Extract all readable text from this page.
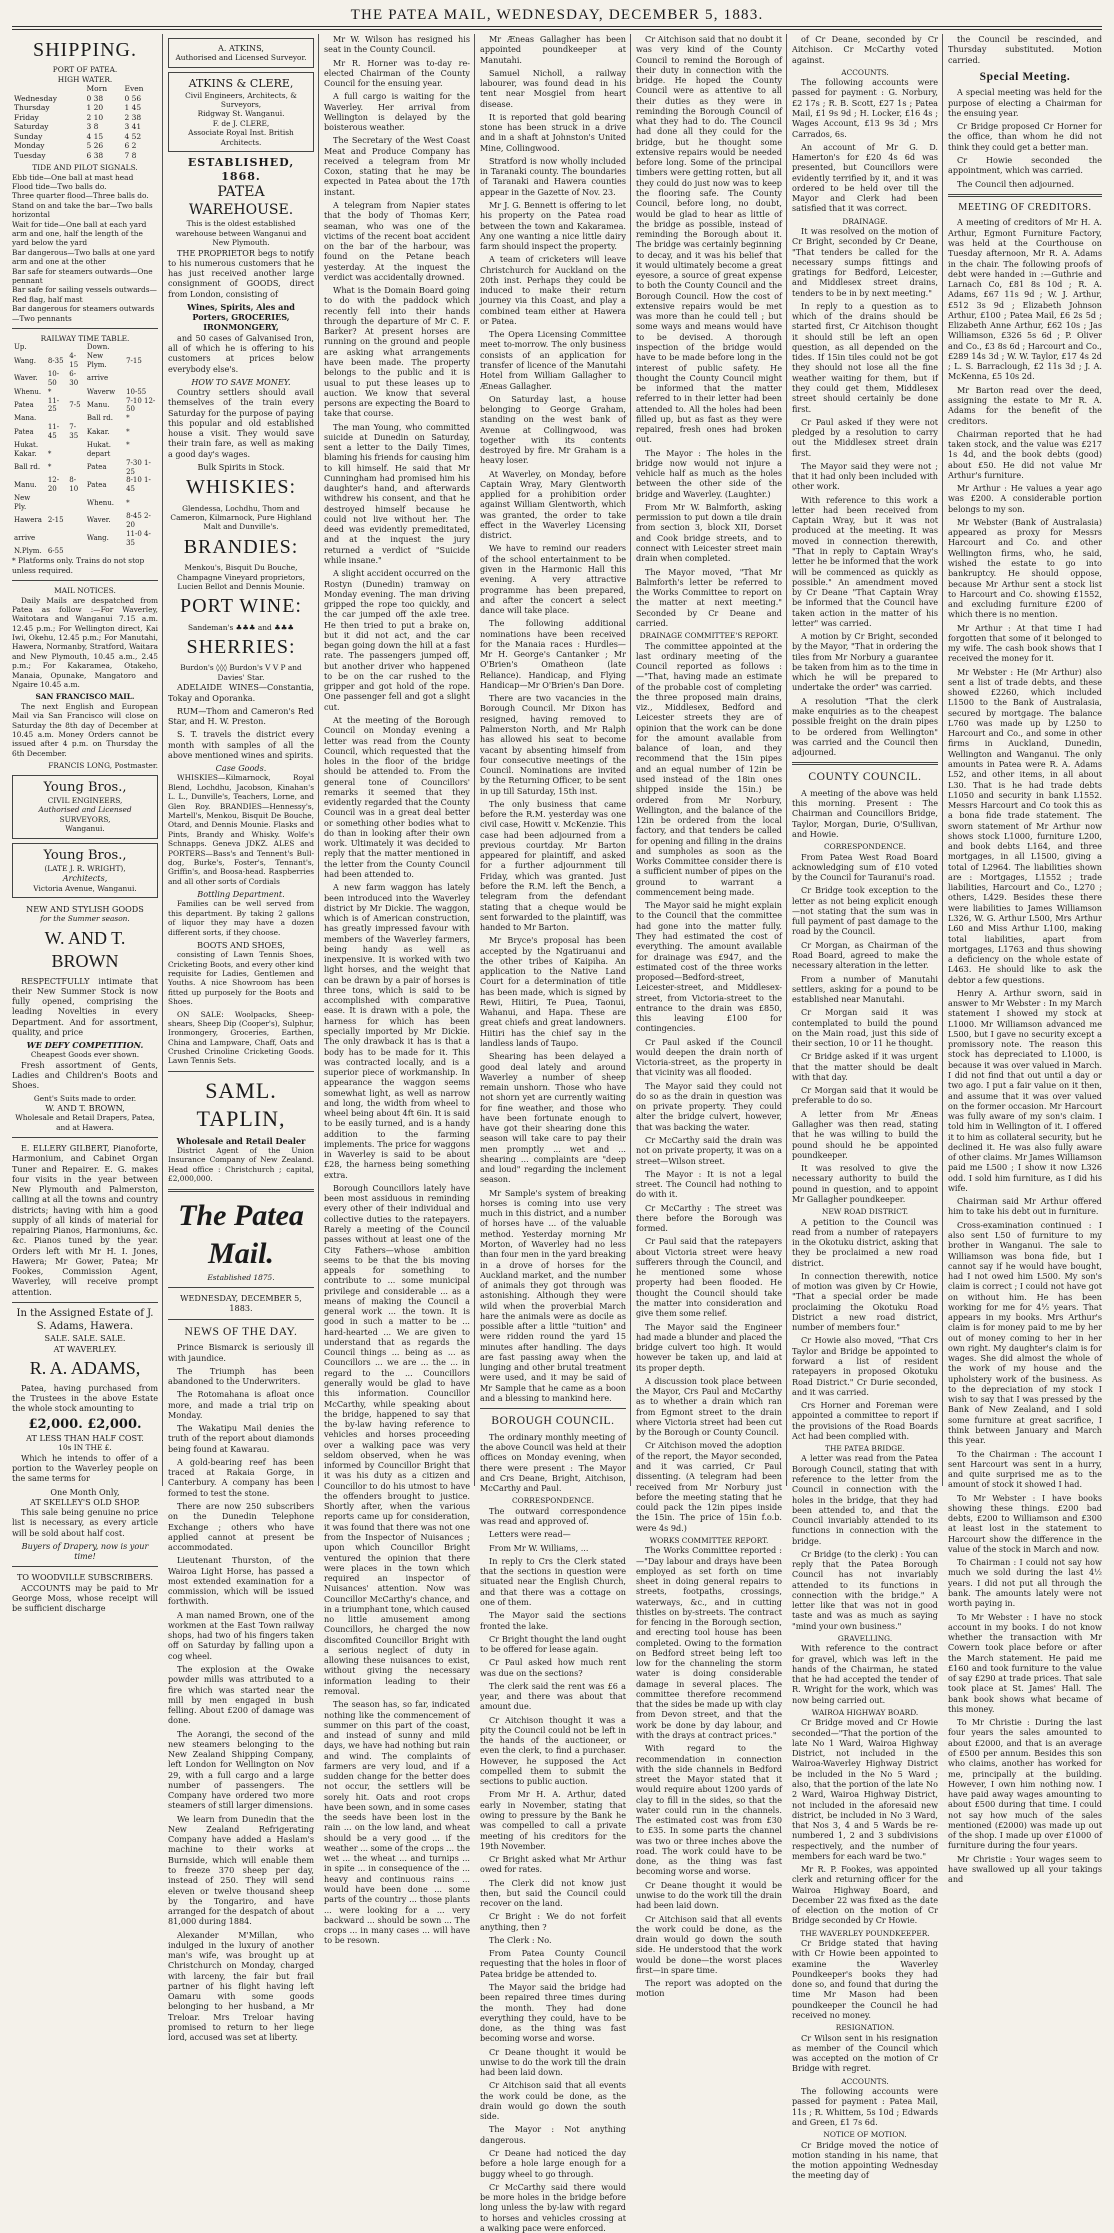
THE PATEA MAIL, WEDNESDAY, DECEMBER 5, 1883.
SHIPPING.
PORT OF PATEA.
HIGH WATER.
	Morn	Even
Wednesday	0 38	0 56
Thursday	1 20	1 45
Friday	2 10	2 38
Saturday	3 8	3 41
Sunday	4 15	4 52
Monday	5 26	6 2
Tuesday	6 38	7 8
TIDE AND PILOT SIGNALS.
Ebb tide—One ball at mast head
Flood tide—Two balls do.
Three quarter flood—Three balls do.
Stand on and take the bar—Two balls horizontal
Wait for tide—One ball at each yard arm and one, half the length of the yard below the yard
Bar dangerous—Two balls at one yard arm and one at the other
Bar safe for steamers outwards—One pennant
Bar safe for sailing vessels outwards—Red flag, half mast
Bar dangerous for steamers outwards—Two pennants
RAILWAY TIME TABLE.
Up.			Down.	
Wang.	8-35	4-15	New Plym.	7-15
Waver.	10-50	6-30	arrive	
Whenu.	*		Waverw	10-55
Patea	11-25	7-5	Manu.	7-10 12-50
Mana.			Ball rd.	*
Patea	11-45	7-35	Kakar.	*
Hukat.			Hukat.	*
Kakar.	*		depart	
Ball rd.	*		Patea	7-30 1-25
Manu.	12-20	8-10	Patea	8-10 1-45
New Ply.			Whenu.	*
Hawera	2-15		Waver.	8-45 2-20
arrive			Wang.	11-0 4-35
N.Plym.	6-55			
* Platforms only. Trains do not stop unless required.
MAIL NOTICES.

Daily Mails are despatched from Patea as follow :—For Waverley, Waitotara and Wanganui 7.15 a.m. 12.45 p.m.; For Wellington direct, Kai Iwi, Okehu, 12.45 p.m.; For Manutahi, Hawera, Normanby, Stratford, Waitara and New Plymouth, 10.45 a.m., 2.45 p.m.; For Kakaramea, Otakeho, Manaia, Opunake, Mangatoro and Ngaire 10.45 a.m.

SAN FRANCISCO MAIL.

The next English and European Mail via San Francisco will close on Saturday the 8th day of December at 10.45 a.m. Money Orders cannot be issued after 4 p.m. on Thursday the 6th December.

FRANCIS LONG, Postmaster.
Young Bros.,
CIVIL ENGINEERS,
Authorised and Licensed
SURVEYORS,
Wanganui.
Young Bros.,
(LATE J. R. WRIGHT),
Architects,
Victoria Avenue, Wanganui.
NEW AND STYLISH GOODS
for the Summer season.
W. AND T. BROWN

RESPECTFULLY intimate that their New Summer Stock is now fully opened, comprising the leading Novelties in every Department. And for assortment, quality, and price

WE DEFY COMPETITION.
Cheapest Goods ever shown.

Fresh assortment of Gents, Ladies and Children's Boots and Shoes.

Gent's Suits made to order.
W. AND T. BROWN,
Wholesale and Retail Drapers, Patea, and at Hawera.

E. ELLERY GILBERT, Pianoforte, Harmonium, and Cabinet Organ Tuner and Repairer. E. G. makes four visits in the year between New Plymouth and Palmerston, calling at all the towns and country districts; having with him a good supply of all kinds of material for repairing Pianos, Harmoniums, &c. &c. Pianos tuned by the year. Orders left with Mr H. I. Jones, Hawera; Mr Gower, Patea; Mr Fookes, Commission Agent, Waverley, will receive prompt attention.

In the Assigned Estate of J. S. Adams, Hawera.
SALE. SALE. SALE.
AT WAVERLEY.
R. A. ADAMS,

Patea, having purchased from the Trustees in the above Estate the whole stock amounting to

£2,000. £2,000.
AT LESS THAN HALF COST.
10s IN THE £.

Which he intends to offer of a portion to the Waverley people on the same terms for

One Month Only,
AT SKELLEY'S OLD SHOP.

This sale being genuine no price list is necessary, as every article will be sold about half cost.

Buyers of Drapery, now is your time!
TO WOODVILLE SUBSCRIBERS.

ACCOUNTS may be paid to Mr George Moss, whose receipt will be sufficient discharge

A. ATKINS,
Authorised and Licensed Surveyor.
ATKINS & CLERE,
Civil Engineers, Architects, & Surveyors,
Ridgway St. Wanganui.
F. de J. CLERE,
Associate Royal Inst. British Architects.
ESTABLISHED, 1868.
PATEA WAREHOUSE.
This is the oldest established warehouse between Wanganui and New Plymouth.

THE PROPRIETOR begs to notify to his numerous customers that he has just received another large consignment of GOODS, direct from London, consisting of

Wines, Spirits, Ales and Porters, GROCERIES, IRONMONGERY,

and 50 cases of Galvanised Iron, all of which he is offering to his customers at prices below everybody else's.

HOW TO SAVE MONEY.

Country settlers should avail themselves of the train every Saturday for the purpose of paying this popular and old established house a visit. They would save their train fare, as well as making a good day's wages.

Bulk Spirits in Stock.
WHISKIES:
Glendessa, Lochdhu, Thom and Cameron, Kilmarnock, Pure Highland Malt and Dunville's.
BRANDIES:
Menkou's, Bisquit Du Bouche, Champagne Vineyard proprietors, Lucien Bellot and Dennis Mounie.
PORT WINE:
Sandeman's ♣♣♣ and ♣♣♣
SHERRIES:
Burdon's ◊◊◊ Burdon's V V P and Davies' Star.

ADELAIDE WINES—Constantia, Tokay and Oporanka.

RUM—Thom and Cameron's Red Star, and H. W. Preston.

S. T. travels the district every month with samples of all the above mentioned wines and spirits.

Case Goods.

WHISKIES—Kilmarnock, Royal Blend, Lochdhu, Jacobson, Kinahan's L. L., Dunville's, Teachers, Lorne, and Glen Roy. BRANDIES—Hennessy's, Martell's, Menkou, Bisquit De Bouche, Otard, and Dennis Mounie. Flasks and Pints, Brandy and Whisky. Wolfe's Schnapps. Geneva JDKZ. ALES and PORTERS—Bass's and Tennent's Bull-dog, Burke's, Foster's, Tennant's, Griffin's, and Boosa-head. Raspberries and all other sorts of Cordials

Bottling Department.

Families can be well served from this department. By taking 2 gallons of liquor they may have a dozen different sorts, if they choose.

BOOTS AND SHOES,

consisting of Lawn Tennis Shoes, Cricketing Boots, and every other kind requisite for Ladies, Gentlemen and Youths. A nice Showroom has been fitted up purposely for the Boots and Shoes.

ON SALE: Woolpacks, Sheep-shears, Sheep Dip (Cooper's), Sulphur, Ironmongery, Groceries, Earthen, China and Lampware, Chaff, Oats and Crushed Crinoline Cricketing Goods. Lawn Tennis Sets.

SAML. TAPLIN,
Wholesale and Retail Dealer

District Agent of the Union Insurance Company of New Zealand. Head office : Christchurch ; capital, £2,000,000.

The Patea Mail.
Established 1875.
WEDNESDAY, DECEMBER 5, 1883.
NEWS OF THE DAY.

Prince Bismarck is seriously ill with jaundice.

The Triumph has been abandoned to the Underwriters.

The Rotomahana is afloat once more, and made a trial trip on Monday.

The Wakatipu Mail denies the truth of the report about diamonds being found at Kawarau.

A gold-bearing reef has been traced at Rakaia Gorge, in Canterbury. A company has been formed to test the stone.

There are now 250 subscribers on the Dunedin Telephone Exchange ; others who have applied cannot at present be accommodated.

Lieutenant Thurston, of the Wairoa Light Horse, has passed a most extended examination for a commission, which will be issued forthwith.

A man named Brown, one of the workmen at the East Town railway shops, had two of his fingers taken off on Saturday by falling upon a cog wheel.

The explosion at the Owake powder mills was attributed to a fire which was started near the mill by men engaged in bush felling. About £200 of damage was done.

The Aorangi, the second of the new steamers belonging to the New Zealand Shipping Company, left London for Wellington on Nov 29, with a full cargo and a large number of passengers. The Company have ordered two more steamers of still larger dimensions.

We learn from Dunedin that the New Zealand Refrigerating Company have added a Haslam's machine to their works at Burnside, which will enable them to freeze 370 sheep per day, instead of 250. They will send eleven or twelve thousand sheep by the Tongariro, and have arranged for the despatch of about 81,000 during 1884.

Alexander M'Millan, who indulged in the luxury of another man's wife, was brought up at Christchurch on Monday, charged with larceny, the fair but frail partner of his flight having left Oamaru with some goods belonging to her husband, a Mr Treloar. Mrs Treloar having promised to return to her liege lord, accused was set at liberty.

Mr W. Wilson has resigned his seat in the County Council.

Mr R. Horner was to-day re-elected Chairman of the County Council for the ensuing year.

A full cargo is waiting for the Waverley. Her arrival from Wellington is delayed by the boisterous weather.

The Secretary of the West Coast Meat and Produce Company has received a telegram from Mr Coxon, stating that he may be expected in Patea about the 17th instant.

A telegram from Napier states that the body of Thomas Kerr, seaman, who was one of the victims of the recent boat accident on the bar of the harbour, was found on the Petane beach yesterday. At the inquest the verdict was accidentally drowned.

What is the Domain Board going to do with the paddock which recently fell into their hands through the departure of Mr C. F. Barker? At present horses are running on the ground and people are asking what arrangements have been made. The property belongs to the public and it is usual to put these leases up to auction. We know that several persons are expecting the Board to take that course.

The man Young, who committed suicide at Dunedin on Saturday, sent a letter to the Daily Times, blaming his friends for causing him to kill himself. He said that Mr Cunningham had promised him his daughter's hand, and afterwards withdrew his consent, and that he destroyed himself because he could not live without her. The deed was evidently premeditated, and at the inquest the jury returned a verdict of "Suicide while insane."

A slight accident occurred on the Rostyn (Dunedin) tramway on Monday evening. The man driving gripped the rope too quickly, and the car jumped off the axle tree. He then tried to put a brake on, but it did not act, and the car began going down the hill at a fast rate. The passengers jumped off, but another driver who happened to be on the car rushed to the gripper and got hold of the rope. One passenger fell and got a slight cut.

At the meeting of the Borough Council on Monday evening a letter was read from the County Council, which requested that the holes in the floor of the bridge should be attended to. From the general tone of Councillors' remarks it seemed that they evidently regarded that the County Council was in a great deal better or something other bodies what to do than in looking after their own work. Ultimately it was decided to reply that the matter mentioned in the letter from the County Council had been attended to.

A new farm waggon has lately been introduced into the Waverley district by Mr Dickie. The waggon, which is of American construction, has greatly impressed favour with members of the Waverley farmers, being handy as well as inexpensive. It is worked with two light horses, and the weight that can be drawn by a pair of horses is three tons, which is said to be accomplished with comparative ease. It is drawn with a pole, the harness for which has been specially imported by Mr Dickie. The only drawback it has is that a body has to be made for it. This was contracted locally, and is a superior piece of workmanship. In appearance the waggon seems somewhat light, as well as narrow and long, the width from wheel to wheel being about 4ft 6in. It is said to be easily turned, and is a handy addition to the farming implements. The price for waggons in Waverley is said to be about £28, the harness being something extra.

Borough Councillors lately have been most assiduous in reminding every other of their individual and collective duties to the ratepayers. Rarely a meeting of the Council passes without at least one of the City Fathers—whose ambition seems to be that the bis moving appeals for something to contribute to ... some municipal privilege and considerable ... as a means of making the Council a general work ... the town. It is good in such a matter to be ... hard-hearted ... We are given to understand that as regards the Council things ... being as ... as Councillors ... we are ... the ... in regard to the ... Councillors generally would be glad to have this information. Councillor McCarthy, while speaking about the bridge, happened to say that the by-law having reference to vehicles and horses proceeding over a walking pace was very seldom observed, when he was informed by Councillor Bright that it was his duty as a citizen and Councillor to do his utmost to have the offenders brought to justice. Shortly after, when the various reports came up for consideration, it was found that there was not one from the Inspector of Nuisances ; upon which Councillor Bright ventured the opinion that there were places in the town which required an inspector of Nuisances' attention. Now was Councillor McCarthy's chance, and in a triumphant tone, which caused no little amusement among Councillors, he charged the now discomfited Councillor Bright with a serious neglect of duty in allowing these nuisances to exist, without giving the necessary information leading to their removal.

The season has, so far, indicated nothing like the commencement of summer on this part of the coast, and instead of sunny and mild days, we have had nothing but rain and wind. The complaints of farmers are very loud, and if a sudden change for the better does not occur, the settlers will be sorely hit. Oats and root crops have been sown, and in some cases the seeds have been lost in the rain ... on the low land, and wheat should be a very good ... if the weather ... some of the crops ... the wet ... the wheat ... and turnips ... in spite ... in consequence of the ... heavy and continuous rains ... would have been done ... some parts of the country ... those plants ... were looking for a ... very backward ... should be sown ... The crops ... in many cases ... will have to be resown.

Mr Æneas Gallagher has been appointed poundkeeper at Manutahi.

Samuel Nicholl, a railway labourer, was found dead in his tent near Mosgiel from heart disease.

It is reported that gold bearing stone has been struck in a drive and in a shaft at Johnston's United Mine, Collingwood.

Stratford is now wholly included in Taranaki county. The boundaries of Taranaki and Hawera counties appear in the Gazette of Nov. 23.

Mr J. G. Bennett is offering to let his property on the Patea road between the town and Kakaramea. Any one wanting a nice little dairy farm should inspect the property.

A team of cricketers will leave Christchurch for Auckland on the 20th inst. Perhaps they could be induced to make their return journey via this Coast, and play a combined team either at Hawera or Patea.

The Opera Licensing Committee meet to-morrow. The only business consists of an application for transfer of licence of the Manutahi Hotel from William Gallagher to Æneas Gallagher.

On Saturday last, a house belonging to George Graham, standing on the west bank of Avenue at Collingwood, was together with its contents destroyed by fire. Mr Graham is a heavy loser.

At Waverley, on Monday, before Captain Wray, Mary Glentworth applied for a prohibition order against William Glentworth, which was granted, the order to take effect in the Waverley Licensing district.

We have to remind our readers of the school entertainment to be given in the Harmonic Hall this evening. A very attractive programme has been prepared, and after the concert a select dance will take place.

The following additional nominations have been received for the Manaia races : Hurdles—Mr H. George's Cantanker ; Mr O'Brien's Omatheon (late Reliance). Handicap, and Flying Handicap—Mr O'Brien's Dan Dore.

There are two vacancies in the Borough Council. Mr Dixon has resigned, having removed to Palmerston North, and Mr Ralph has allowed his seat to become vacant by absenting himself from four consecutive meetings of the Council. Nominations are invited by the Returning Officer, to be sent in up till Saturday, 15th inst.

The only business that came before the R.M. yesterday was one civil case, Howitt v. McKenzie. This case had been adjourned from a previous courtday. Mr Barton appeared for plaintiff, and asked for a further adjournment till Friday, which was granted. Just before the R.M. left the Bench, a telegram from the defendant stating that a cheque would be sent forwarded to the plaintiff, was handed to Mr Barton.

Mr Bryce's proposal has been accepted by the Ngatiruanui and the other tribes of Kaipiha. An application to the Native Land Court for a determination of title has been made, which is signed by Rewi, Hiitiri, Te Puea, Taonui, Wahanui, and Hapa. These are great chiefs and great landowners. Hiitiri has the chief say in the landless lands of Taupo.

Shearing has been delayed a good deal lately and around Waverley a number of sheep remain unshorn. Those who have not shorn yet are currently waiting for fine weather, and those who have been fortunate enough to have got their shearing done this season will take care to pay their men promptly ... wet and ... shearing ... complaints are "deep and loud" regarding the inclement season.

Mr Sample's system of breaking horses is coming into use very much in this district, and a number of horses have ... of the valuable method. Yesterday morning Mr Morton, of Waverley had no less than four men in the yard breaking in a drove of horses for the Auckland market, and the number of animals they got through was astonishing. Although they were wild when the proverbial March hare the animals were as docile as possible after a little "tuition" and were ridden round the yard 15 minutes after handling. The days are fast passing away when the lunging and other brutal treatment were used, and it may be said of Mr Sample that he came as a boon and a blessing to mankind here.

BOROUGH COUNCIL.

The ordinary monthly meeting of the above Council was held at their offices on Monday evening, when there were present : The Mayor and Crs Deane, Bright, Aitchison, McCarthy and Paul.

CORRESPONDENCE.

The outward correspondence was read and approved of.

Letters were read—

From Mr W. Williams, ...

In reply to Crs the Clerk stated that the sections in question were situated near the English Church, and that there was a cottage on one of them.

The Mayor said the sections fronted the lake.

Cr Bright thought the land ought to be offered for lease again.

Cr Paul asked how much rent was due on the sections?

The clerk said the rent was £6 a year, and there was about that amount due.

Cr Aitchison thought it was a pity the Council could not be left in the hands of the auctioneer, or even the clerk, to find a purchaser. However, he supposed the Act compelled them to submit the sections to public auction.

From Mr H. A. Arthur, dated early in November, stating that owing to pressure by the Bank he was compelled to call a private meeting of his creditors for the 19th November.

Cr Bright asked what Mr Arthur owed for rates.

The Clerk did not know just then, but said the Council could recover on the land.

Cr Bright : We do not forfeit anything, then ?

The Clerk : No.

From Patea County Council requesting that the holes in floor of Patea bridge be attended to.

The Mayor said the bridge had been repaired three times during the month. They had done everything they could, have to be done, as the thing was fast becoming worse and worse.

Cr Deane thought it would be unwise to do the work till the drain had been laid down.

Cr Aitchison said that all events the work could be done, as the drain would go down the south side.

The Mayor : Not anything dangerous.

Cr Deane had noticed the day before a hole large enough for a buggy wheel to go through.

Cr McCarthy said there would be more holes in the bridge before long unless the by-law with regard to horses and vehicles crossing at a walking pace were enforced.

Cr Aitchison said that no doubt it was very kind of the County Council to remind the Borough of their duty in connection with the bridge. He hoped the County Council were as attentive to all their duties as they were in reminding the Borough Council of what they had to do. The Council had done all they could for the bridge, but he thought some extensive repairs would be needed before long. Some of the principal timbers were getting rotten, but all they could do just now was to keep the flooring safe. The County Council, before long, no doubt, would be glad to hear as little of the bridge as possible, instead of reminding the Borough about it. The bridge was certainly beginning to decay, and it was his belief that it would ultimately become a great eyesore, a source of great expense to both the County Council and the Borough Council. How the cost of extensive repairs would be met was more than he could tell ; but some ways and means would have to be devised. A thorough inspection of the bridge would have to be made before long in the interest of public safety. He thought the County Council might be informed that the matter referred to in their letter had been attended to. All the holes had been filled up, but as fast as they were repaired, fresh ones had broken out.

The Mayor : The holes in the bridge now would not injure a vehicle half as much as the holes between the other side of the bridge and Waverley. (Laughter.)

From Mr W. Balmforth, asking permission to put down a tile drain from section 3, block XII, Dorset and Cook bridge streets, and to connect with Leicester street main drain when completed.

The Mayor moved, "That Mr Balmforth's letter be referred to the Works Committee to report on the matter at next meeting." Seconded by Cr Deane and carried.

DRAINAGE COMMITTEE'S REPORT.

The committee appointed at the last ordinary meeting of the Council reported as follows :—"That, having made an estimate of the probable cost of completing the three proposed main drains, viz., Middlesex, Bedford and Leicester streets they are of opinion that the work can be done for the amount available from balance of loan, and they recommend that the 15in pipes and an equal number of 12in be used instead of the 18in ones shipped inside the 15in.) be ordered from Mr Norbury, Wellington, and the balance of the 12in be ordered from the local factory, and that tenders be called for opening and filling in the drains and sumpholes as soon as the Works Committee consider there is a sufficient number of pipes on the ground to warrant a commencement being made.

The Mayor said he might explain to the Council that the committee had gone into the matter fully. They had estimated the cost of everything. The amount available for drainage was £947, and the estimated cost of the three works proposed—Bedford-street, Leicester-street, and Middlesex-street, from Victoria-street to the entrance to the drain was £850, this leaving £100 for contingencies.

Cr Paul asked if the Council would deepen the drain north of Victoria-street, as the property in that vicinity was all flooded.

The Mayor said they could not do so as the drain in question was on private property. They could alter the bridge culvert, however, that was backing the water.

Cr McCarthy said the drain was not on private property, it was on a street—Wilson street.

The Mayor : It is not a legal street. The Council had nothing to do with it.

Cr McCarthy : The street was there before the Borough was formed.

Cr Paul said that the ratepayers about Victoria street were heavy sufferers through the Council, and he mentioned some whose property had been flooded. He thought the Council should take the matter into consideration and give them some relief.

The Mayor said the Engineer had made a blunder and placed the bridge culvert too high. It would however be taken up, and laid at its proper depth.

A discussion took place between the Mayor, Crs Paul and McCarthy as to whether a drain which ran from Egmont street to the drain where Victoria street had been cut by the Borough or County Council.

Cr Aitchison moved the adoption of the report, the Mayor seconded, and it was carried, Cr Paul dissenting. (A telegram had been received from Mr Norbury just before the meeting stating that he could pack the 12in pipes inside the 15in. The price of 15in f.o.b. were 4s 9d.)

WORKS COMMITTEE REPORT.

The Works Committee reported :—"Day labour and drays have been employed as set forth on time sheet in doing general repairs to streets, footpaths, crossings, waterways, &c., and in cutting thistles on by-streets. The contract for fencing in the Borough section, and erecting tool house has been completed. Owing to the formation on Bedford street being left too low for the channeling the storm water is doing considerable damage in several places. The committee therefore recommend that the sides be made up with clay from Devon street, and that the work be done by day labour, and with the drays at contract prices."

With regard to the recommendation in connection with the side channels in Bedford street the Mayor stated that it would require about 1200 yards of clay to fill in the sides, so that the water could run in the channels. The estimated cost was from £30 to £35. In some parts the channel was two or three inches above the road. The work could have to be done, as the thing was fast becoming worse and worse.

Cr Deane thought it would be unwise to do the work till the drain had been laid down.

Cr Aitchison said that all events the work could be done, as the drain would go down the south side. He understood that the work would be done—the worst places first—in spare time.

The report was adopted on the motion

of Cr Deane, seconded by Cr Aitchison. Cr McCarthy voted against.

ACCOUNTS.

The following accounts were passed for payment : G. Norbury, £2 17s ; R. B. Scott, £27 1s ; Patea Mail, £1 9s 9d ; H. Locker, £16 4s ; Wages Account, £13 9s 3d ; Mrs Carrados, 6s.

An account of Mr G. D. Hamerton's for £20 4s 6d was presented, but Councillors were evidently terrified by it, and it was ordered to be held over till the Mayor and Clerk had been satisfied that it was correct.

DRAINAGE.

It was resolved on the motion of Cr Bright, seconded by Cr Deane, "That tenders be called for the necessary sumps fittings and gratings for Bedford, Leicester, and Middlesex street drains, tenders to be in by next meeting."

In reply to a question as to which of the drains should be started first, Cr Aitchison thought it should still be left an open question, as all depended on the tides. If 15in tiles could not be got they should not lose all the fine weather waiting for them, but if they could get them, Middlesex street should certainly be done first.

Cr Paul asked if they were not pledged by a resolution to carry out the Middlesex street drain first.

The Mayor said they were not ; that it had only been included with other work.

With reference to this work a letter had been received from Captain Wray, but it was not produced at the meeting. It was moved in connection therewith, "That in reply to Captain Wray's letter he be informed that the work will be commenced as quickly as possible." An amendment moved by Cr Deane "That Captain Wray be informed that the Council have taken action in the matter of his letter" was carried.

A motion by Cr Bright, seconded by the Mayor, "That in ordering the tiles from Mr Norbury a guarantee be taken from him as to the time in which he will be prepared to undertake the order" was carried.

A resolution "That the clerk make enquiries as to the cheapest possible freight on the drain pipes to be ordered from Wellington" was carried and the Council then adjourned.

COUNTY COUNCIL.

A meeting of the above was held this morning. Present : The Chairman and Councillors Bridge, Taylor, Morgan, Durie, O'Sullivan, and Howie.

CORRESPONDENCE.

From Patea West Road Board acknowledging sum of £10 voted by the Council for Tauranui's road.

Cr Bridge took exception to the letter as not being explicit enough—not stating that the sum was in full payment of past damage to the road by the Council.

Cr Morgan, as Chairman of the Road Board, agreed to make the necessary alteration in the letter.

From a number of Manutahi settlers, asking for a pound to be established near Manutahi.

Cr Morgan said it was contemplated to build the pound on the Main road, just this side of their section, 10 or 11 he thought.

Cr Bridge asked if it was urgent that the matter should be dealt with that day.

Cr Morgan said that it would be preferable to do so.

A letter from Mr Æneas Gallagher was then read, stating that he was willing to build the pound should he be appointed poundkeeper.

It was resolved to give the necessary authority to build the pound in question, and to appoint Mr Gallagher poundkeeper.

NEW ROAD DISTRICT.

A petition to the Council was read from a number of ratepayers in the Okotuku district, asking that they be proclaimed a new road district.

In connection therewith, notice of motion was given by Cr Howie, "That a special order be made proclaiming the Okotuku Road District a new road district, number of members four."

Cr Howie also moved, "That Crs Taylor and Bridge be appointed to forward a list of resident ratepayers in proposed Okotuku Road District." Cr Durie seconded, and it was carried.

Crs Horner and Foreman were appointed a committee to report if the provisions of the Road Boards Act had been complied with.

THE PATEA BRIDGE.

A letter was read from the Patea Borough Council, stating that with reference to the letter from the Council in connection with the holes in the bridge, that they had been attended to, and that the Council invariably attended to its functions in connection with the bridge.

Cr Bridge (to the clerk) : You can reply that the Patea Borough Council has not invariably attended to its functions in connection with the bridge." A letter like that was not in good taste and was as much as saying "mind your own business."

GRAVELLING.

With reference to the contract for gravel, which was left in the hands of the Chairman, he stated that he had accepted the tender of R. Wright for the work, which was now being carried out.

WAIROA HIGHWAY BOARD.

Cr Bridge moved and Cr Howie seconded—"That the portion of the late No 1 Ward, Wairoa Highway District, not included in the Wairoa-Waverley Highway District be included in the No 5 Ward ; also, that the portion of the late No 2 Ward, Wairoa Highway District, not included in the aforesaid new district, be included in No 3 Ward, that Nos 3, 4 and 5 Wards be re-numbered 1, 2 and 3 subdivisions respectively, and the number of members for each ward be two."

Mr R. P. Fookes, was appointed clerk and returning officer for the Wairoa Highway Board, and December 22 was fixed as the date of election on the motion of Cr Bridge seconded by Cr Howie.

THE WAVERLEY POUNDKEEPER.

Cr Bridge stated that having with Cr Howie been appointed to examine the Waverley Poundkeeper's books they had done so, and found that during the time Mr Mason had been poundkeeper the Council he had received no money.

RESIGNATION.

Cr Wilson sent in his resignation as member of the Council which was accepted on the motion of Cr Bridge with regret.

ACCOUNTS.

The following accounts were passed for payment : Patea Mail, 11s ; R. Whittem, 5s 10d ; Edwards and Green, £1 7s 6d.

NOTICE OF MOTION.

Cr Bridge moved the notice of motion standing in his name, that the motion appointing Wednesday the meeting day of

the Council be rescinded, and Thursday substituted. Motion carried.

Special Meeting.

A special meeting was held for the purpose of electing a Chairman for the ensuing year.

Cr Bridge proposed Cr Horner for the office, than whom he did not think they could get a better man.

Cr Howie seconded the appointment, which was carried.

The Council then adjourned.

MEETING OF CREDITORS.

A meeting of creditors of Mr H. A. Arthur, Egmont Furniture Factory, was held at the Courthouse on Tuesday afternoon, Mr R. A. Adams in the chair. The following proofs of debt were handed in :—Guthrie and Larnach Co, £81 8s 10d ; R. A. Adams, £67 11s 9d ; W. J. Arthur, £512 3s 9d ; Elizabeth Johnson Arthur, £100 ; Patea Mail, £6 2s 5d ; Elizabeth Anne Arthur, £62 10s ; Jas Williamson, £326 5s 6d ; P. Oliver and Co., £3 8s 6d ; Harcourt and Co., £289 14s 3d ; W. W. Taylor, £17 4s 2d ; L. S. Barraclough, £2 11s 3d ; J. A. McKenna, £5 10s 2d.

Mr Barton read over the deed, assigning the estate to Mr R. A. Adams for the benefit of the creditors.

Chairman reported that he had taken stock, and the value was £217 1s 4d, and the book debts (good) about £50. He did not value Mr Arthur's furniture.

Mr Arthur : He values a year ago was £200. A considerable portion belongs to my son.

Mr Webster (Bank of Australasia) appeared as proxy for Messrs Harcourt and Co. and other Wellington firms, who, he said, wished the estate to go into bankruptcy. He should oppose, because Mr Arthur sent a stock list to Harcourt and Co. showing £1552, and excluding furniture £200 of which there is no mention.

Mr Arthur : At that time I had forgotten that some of it belonged to my wife. The cash book shows that I received the money for it.

Mr Webster : He (Mr Arthur) also sent a list of trade debts, and these showed £2260, which included L1500 to the Bank of Australasia, secured by mortgage. The balance L760 was made up by L250 to Harcourt and Co., and some in other firms in Auckland, Dunedin, Wellington and Wanganui. The only amounts in Patea were R. A. Adams L52, and other items, in all about L30. That is he had trade debts L1050 and security in bank L1552. Messrs Harcourt and Co took this as a bona fide trade statement. The sworn statement of Mr Arthur now shows stock L1000, furniture L200, and book debts L164, and three mortgages, in all L1500, giving a total of L2964. The liabilities shown are : Mortgages, L1552 ; trade liabilities, Harcourt and Co., L270 ; others, L429. Besides these there were liabilities to James Williamson L326, W. G. Arthur L500, Mrs Arthur L60 and Miss Arthur L100, making total liabilities, apart from mortgages, L1763 and thus showing a deficiency on the whole estate of L463. He should like to ask the debtor a few questions.

Henry A. Arthur sworn, said in answer to Mr Webster : In my March statement I showed my stock at L1000. Mr Williamson advanced me L500, but I gave no security except a promissory note. The reason this stock has depreciated to L1000, is because it was over valued in March. I did not find that out until a day or two ago. I put a fair value on it then, and assume that it was over valued on the former occasion. Mr Harcourt was fully aware of my son's claim. I told him in Wellington of it. I offered it to him as collateral security, but he declined it. He was also fully aware of other claims. Mr James Williamson paid me L500 ; I show it now L326 odd. I sold him furniture, as I did his wife.

Chairman said Mr Arthur offered him to take his debt out in furniture.

Cross-examination continued : I also sent L50 of furniture to my brother in Wanganui. The sale to Williamson was bona fide, but I cannot say if he would have bought, had I not owed him L500. My son's claim is correct ; I could not have got on without him. He has been working for me for 4½ years. That appears in my books. Mrs Arthur's claim is for money paid to me by her out of money coming to her in her own right. My daughter's claim is for wages. She did almost the whole of the work of my house and the upholstery work of the business. As to the depreciation of my stock I wish to say that I was pressed by the Bank of New Zealand, and I sold some furniture at great sacrifice, I think between January and March this year.

To the Chairman : The account I sent Harcourt was sent in a hurry, and quite surprised me as to the amount of stock it showed I had.

To Mr Webster : I have books showing these things. £200 bad debts, £200 to Williamson and £300 at least lost in the statement to Harcourt show the difference in the value of the stock in March and now.

To Chairman : I could not say how much we sold during the last 4½ years. I did not put all through the bank. The amounts lately were not worth paying in.

To Mr Webster : I have no stock account in my books. I do not know whether the transaction with Mr Cowern took place before or after the March statement. He paid me £160 and took furniture to the value of say £290 at trade prices. That sale took place at St. James' Hall. The bank book shows what became of this money.

To Mr Christie : During the last four years the sales amounted to about £2000, and that is an average of £500 per annum. Besides this son who claims, another has worked for me, principally at the building. However, I own him nothing now. I have paid away wages amounting to about £500 during that time. I could not say how much of the sales mentioned (£2000) was made up out of the shop. I made up over £1000 of furniture during the four years.

Mr Christie : Your wages seem to have swallowed up all your takings and
